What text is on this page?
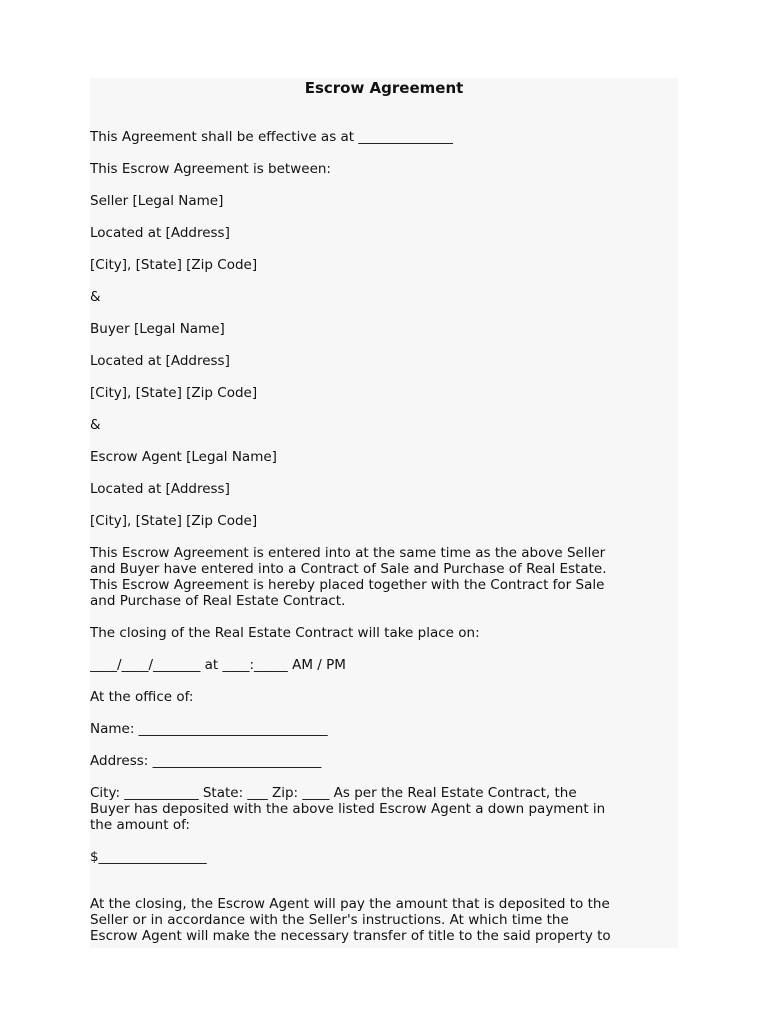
Escrow Agreement
This Agreement shall be effective as at ______________
This Escrow Agreement is between:
Seller [Legal Name]
Located at [Address]
[City], [State] [Zip Code]
&
Buyer [Legal Name]
Located at [Address]
[City], [State] [Zip Code]
&
Escrow Agent [Legal Name]
Located at [Address]
[City], [State] [Zip Code]
This Escrow Agreement is entered into at the same time as the above Seller
and Buyer have entered into a Contract of Sale and Purchase of Real Estate.
This Escrow Agreement is hereby placed together with the Contract for Sale
and Purchase of Real Estate Contract.
The closing of the Real Estate Contract will take place on:
____/____/_______ at ____:_____ AM / PM
At the office of:
Name: ____________________________
Address: _________________________
City: ___________ State: ___ Zip: ____ As per the Real Estate Contract, the
Buyer has deposited with the above listed Escrow Agent a down payment in
the amount of:
$________________
At the closing, the Escrow Agent will pay the amount that is deposited to the
Seller or in accordance with the Seller's instructions. At which time the
Escrow Agent will make the necessary transfer of title to the said property to
